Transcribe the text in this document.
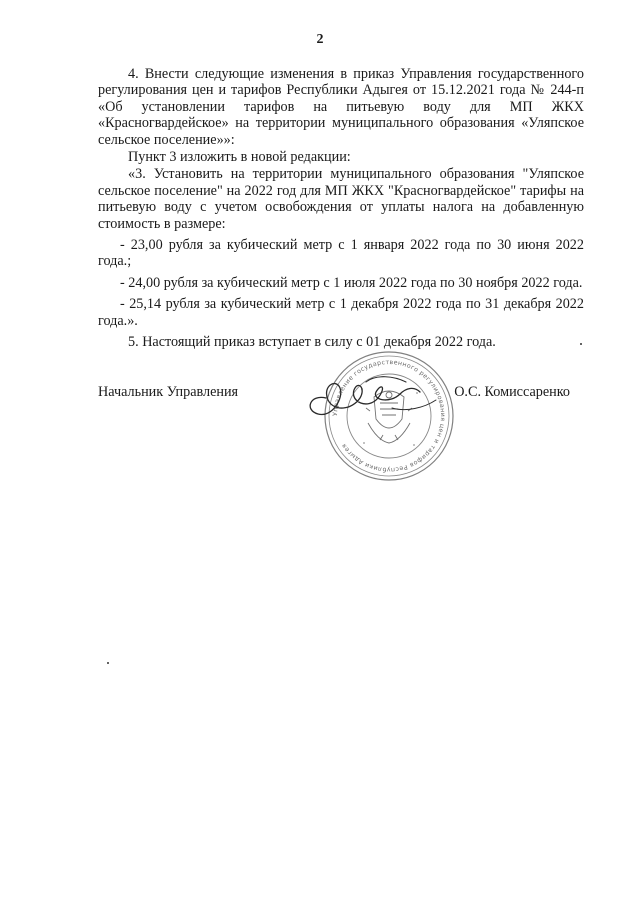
2

4. Внести следующие изменения в приказ Управления государственного регулирования цен и тарифов Республики Адыгея от 15.12.2021 года № 244-п «Об установлении тарифов на питьевую воду для МП ЖКХ «Красногвардейское» на территории муниципального образования «Уляпское сельское поселение»»:

Пункт 3 изложить в новой редакции:

«3. Установить на территории муниципального образования "Уляпское сельское поселение" на 2022 год для МП ЖКХ "Красногвардейское" тарифы на питьевую воду с учетом освобождения от уплаты налога на добавленную стоимость в размере:

- 23,00 рубля за кубический метр с 1 января 2022 года по 30 июня 2022 года.;

- 24,00 рубля за кубический метр с 1 июля 2022 года по 30 ноября 2022 года.

- 25,14 рубля за кубический метр с 1 декабря 2022 года по 31 декабря 2022 года.».

5. Настоящий приказ вступает в силу с 01 декабря 2022 года.

Управление государственного регулирования цен и тарифов Республики Адыгея
Начальник Управления	О.С. Комиссаренко
